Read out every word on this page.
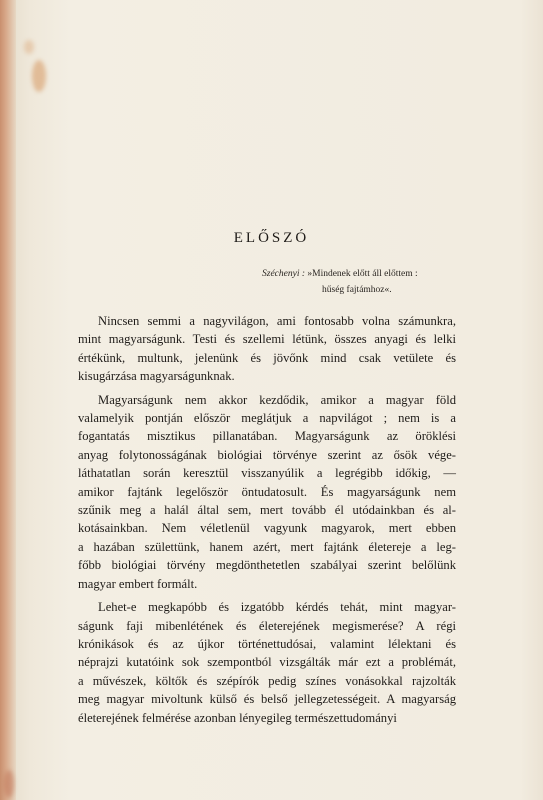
ELŐSZÓ
Széchenyi : »Mindenek előtt áll előttem :
hűség fajtámhoz«.
Nincsen semmi a nagyvilágon, ami fontosabb volna számunkra,
mint magyarságunk. Testi és szellemi létünk, összes anyagi és lelki
értékünk, multunk, jelenünk és jövőnk mind csak vetülete és
kisugárzása magyarságunknak.
Magyarságunk nem akkor kezdődik, amikor a magyar föld
valamelyik pontján először meglátjuk a napvilágot ; nem is a
fogantatás misztikus pillanatában. Magyarságunk az öröklési
anyag folytonosságának biológiai törvénye szerint az ősök vége-
láthatatlan során keresztül visszanyúlik a legrégibb időkig, —
amikor fajtánk legelőször öntudatosult. És magyarságunk nem
szűnik meg a halál által sem, mert tovább él utódainkban és al-
kotásainkban. Nem véletlenül vagyunk magyarok, mert ebben
a hazában születtünk, hanem azért, mert fajtánk életereje a leg-
főbb biológiai törvény megdönthetetlen szabályai szerint belőlünk
magyar embert formált.
Lehet-e megkapóbb és izgatóbb kérdés tehát, mint magyar-
ságunk faji mibenlétének és életerejének megismerése? A régi
krónikások és az újkor történettudósai, valamint lélektani és
néprajzi kutatóink sok szempontból vizsgálták már ezt a problémát,
a művészek, költők és szépírók pedig színes vonásokkal rajzolták
meg magyar mivoltunk külső és belső jellegzetességeit. A magyarság
életerejének felmérése azonban lényegileg természettudományi
